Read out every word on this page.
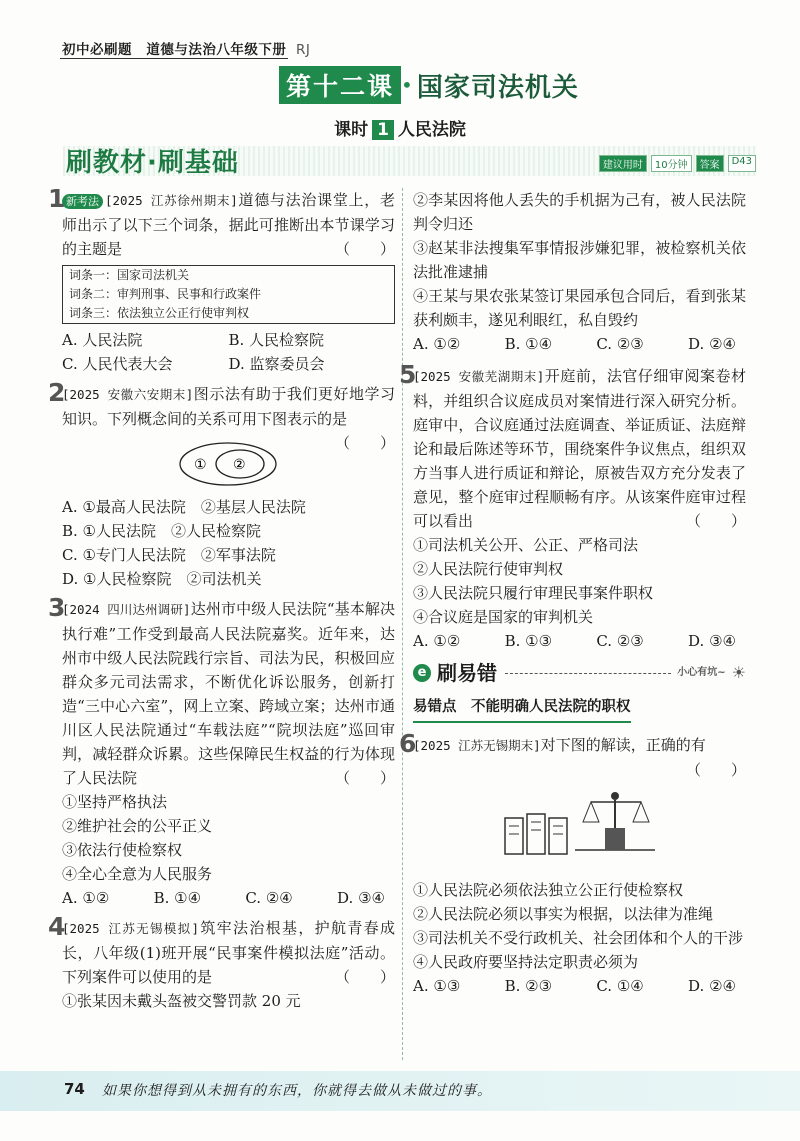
初中必刷题 道德与法治八年级下册 RJ
第十二课 • 国家司法机关
课时 1 人民法院
刷教材·刷基础	建议用时	10分钟	答案	D43
1 新考法 [2025 江苏徐州期末]道德与法治课堂上，老师出示了以下三个词条，据此可推断出本节课学习的主题是	（　　）
词条一：国家司法机关
词条二：审判刑事、民事和行政案件
词条三：依法独立公正行使审判权
A. 人民法院	B. 人民检察院
C. 人民代表大会	D. 监察委员会
2
[2025 安徽六安期末]图示法有助于我们更好地学习知识。下列概念间的关系可用下图表示的是
（　　）
① ②
A. ①最高人民法院　②基层人民法院
B. ①人民法院　②人民检察院
C. ①专门人民法院　②军事法院
D. ①人民检察院　②司法机关
3
[2024 四川达州调研]达州市中级人民法院“基本解决执行难”工作受到最高人民法院嘉奖。近年来，达州市中级人民法院践行宗旨、司法为民，积极回应群众多元司法需求，不断优化诉讼服务，创新打造“三中心六室”，网上立案、跨域立案；达州市通川区人民法院通过“车载法庭”“院坝法庭”巡回审判，减轻群众诉累。这些保障民生权益的行为体现了人民法院	（　　）
①坚持严格执法
②维护社会的公平正义
③依法行使检察权
④全心全意为人民服务
A. ①②	B. ①④	C. ②④	D. ③④
4
[2025 江苏无锡模拟]筑牢法治根基，护航青春成长，八年级(1)班开展“民事案件模拟法庭”活动。下列案件可以使用的是	（　　）
①张某因未戴头盔被交警罚款 20 元
②李某因将他人丢失的手机据为己有，被人民法院判令归还
③赵某非法搜集军事情报涉嫌犯罪，被检察机关依法批准逮捕
④王某与果农张某签订果园承包合同后，看到张某获利颇丰，遂见利眼红，私自毁约
A. ①②	B. ①④	C. ②③	D. ②④
5
[2025 安徽芜湖期末]开庭前，法官仔细审阅案卷材料，并组织合议庭成员对案情进行深入研究分析。庭审中，合议庭通过法庭调查、举证质证、法庭辩论和最后陈述等环节，围绕案件争议焦点，组织双方当事人进行质证和辩论，原被告双方充分发表了意见，整个庭审过程顺畅有序。从该案件庭审过程可以看出	（　　）
①司法机关公开、公正、严格司法
②人民法院行使审判权
③人民法院只履行审理民事案件职权
④合议庭是国家的审判机关
A. ①②	B. ①③	C. ②③	D. ③④
e 刷易错	小心有坑~ ☀
易错点　不能明确人民法院的职权
6
[2025 江苏无锡期末]对下图的解读，正确的有
（　　）
①人民法院必须依法独立公正行使检察权
②人民法院必须以事实为根据，以法律为准绳
③司法机关不受行政机关、社会团体和个人的干涉
④人民政府要坚持法定职责必须为
A. ①③	B. ②③	C. ①④	D. ②④
74 如果你想得到从未拥有的东西，你就得去做从未做过的事。
